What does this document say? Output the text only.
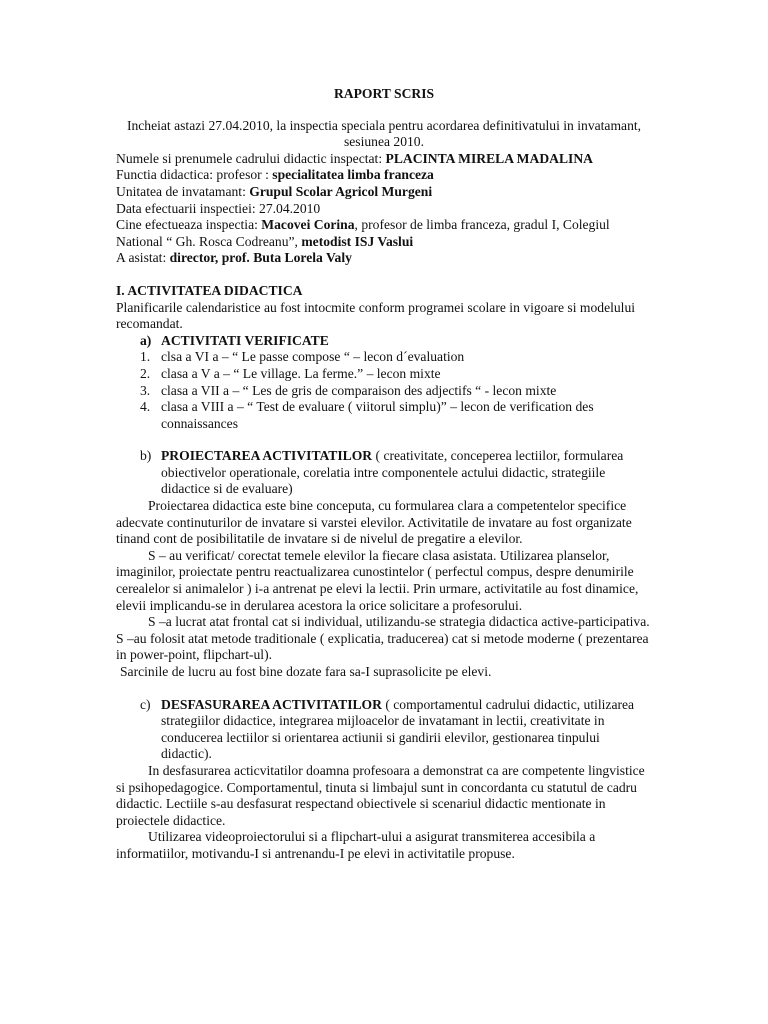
RAPORT SCRIS

Incheiat astazi 27.04.2010, la inspectia speciala pentru acordarea definitivatului in invatamant, sesiunea 2010.

Numele si prenumele cadrului didactic inspectat: PLACINTA MIRELA MADALINA

Functia didactica: profesor : specialitatea limba franceza

Unitatea de invatamant: Grupul Scolar Agricol Murgeni

Data efectuarii inspectiei: 27.04.2010

Cine efectueaza inspectia: Macovei Corina, profesor de limba franceza, gradul I, Colegiul National “ Gh. Rosca Codreanu”, metodist ISJ Vaslui

A asistat: director, prof. Buta Lorela Valy

I. ACTIVITATEA DIDACTICA

Planificarile calendaristice au fost intocmite conform programei scolare in vigoare si modelului recomandat.

a) ACTIVITATI VERIFICATE
1. clsa a VI a – “ Le passe compose “ – lecon d´evaluation
2. clasa a V a – “ Le village. La ferme.” – lecon mixte
3. clasa a VII a – “ Les de gris de comparaison des adjectifs “ - lecon mixte
4. clasa a VIII a – “ Test de evaluare ( viitorul simplu)” – lecon de verification des connaissances
b) PROIECTAREA ACTIVITATILOR ( creativitate, conceperea lectiilor, formularea obiectivelor operationale, corelatia intre componentele actului didactic, strategiile didactice si de evaluare)

Proiectarea didactica este bine conceputa, cu formularea clara a competentelor specifice adecvate continuturilor de invatare si varstei elevilor. Activitatile de invatare au fost organizate tinand cont de posibilitatile de invatare si de nivelul de pregatire a elevilor.

S – au verificat/ corectat temele elevilor la fiecare clasa asistata. Utilizarea planselor, imaginilor, proiectate pentru reactualizarea cunostintelor ( perfectul compus, despre denumirile cerealelor si animalelor ) i-a antrenat pe elevi la lectii. Prin urmare, activitatile au fost dinamice, elevii implicandu-se in derularea acestora la orice solicitare a profesorului.

S –a lucrat atat frontal cat si individual, utilizandu-se strategia didactica active-participativa. S –au folosit atat metode traditionale ( explicatia, traducerea) cat si metode moderne ( prezentarea in power-point, flipchart-ul).

Sarcinile de lucru au fost bine dozate fara sa-I suprasolicite pe elevi.

c) DESFASURAREA ACTIVITATILOR ( comportamentul cadrului didactic, utilizarea strategiilor didactice, integrarea mijloacelor de invatamant in lectii, creativitate in conducerea lectiilor si orientarea actiunii si gandirii elevilor, gestionarea tinpului didactic).

In desfasurarea acticvitatilor doamna profesoara a demonstrat ca are competente lingvistice si psihopedagogice. Comportamentul, tinuta si limbajul sunt in concordanta cu statutul de cadru didactic. Lectiile s-au desfasurat respectand obiectivele si scenariul didactic mentionate in proiectele didactice.

Utilizarea videoproiectorului si a flipchart-ului a asigurat transmiterea accesibila a informatiilor, motivandu-I si antrenandu-I pe elevi in activitatile propuse.
